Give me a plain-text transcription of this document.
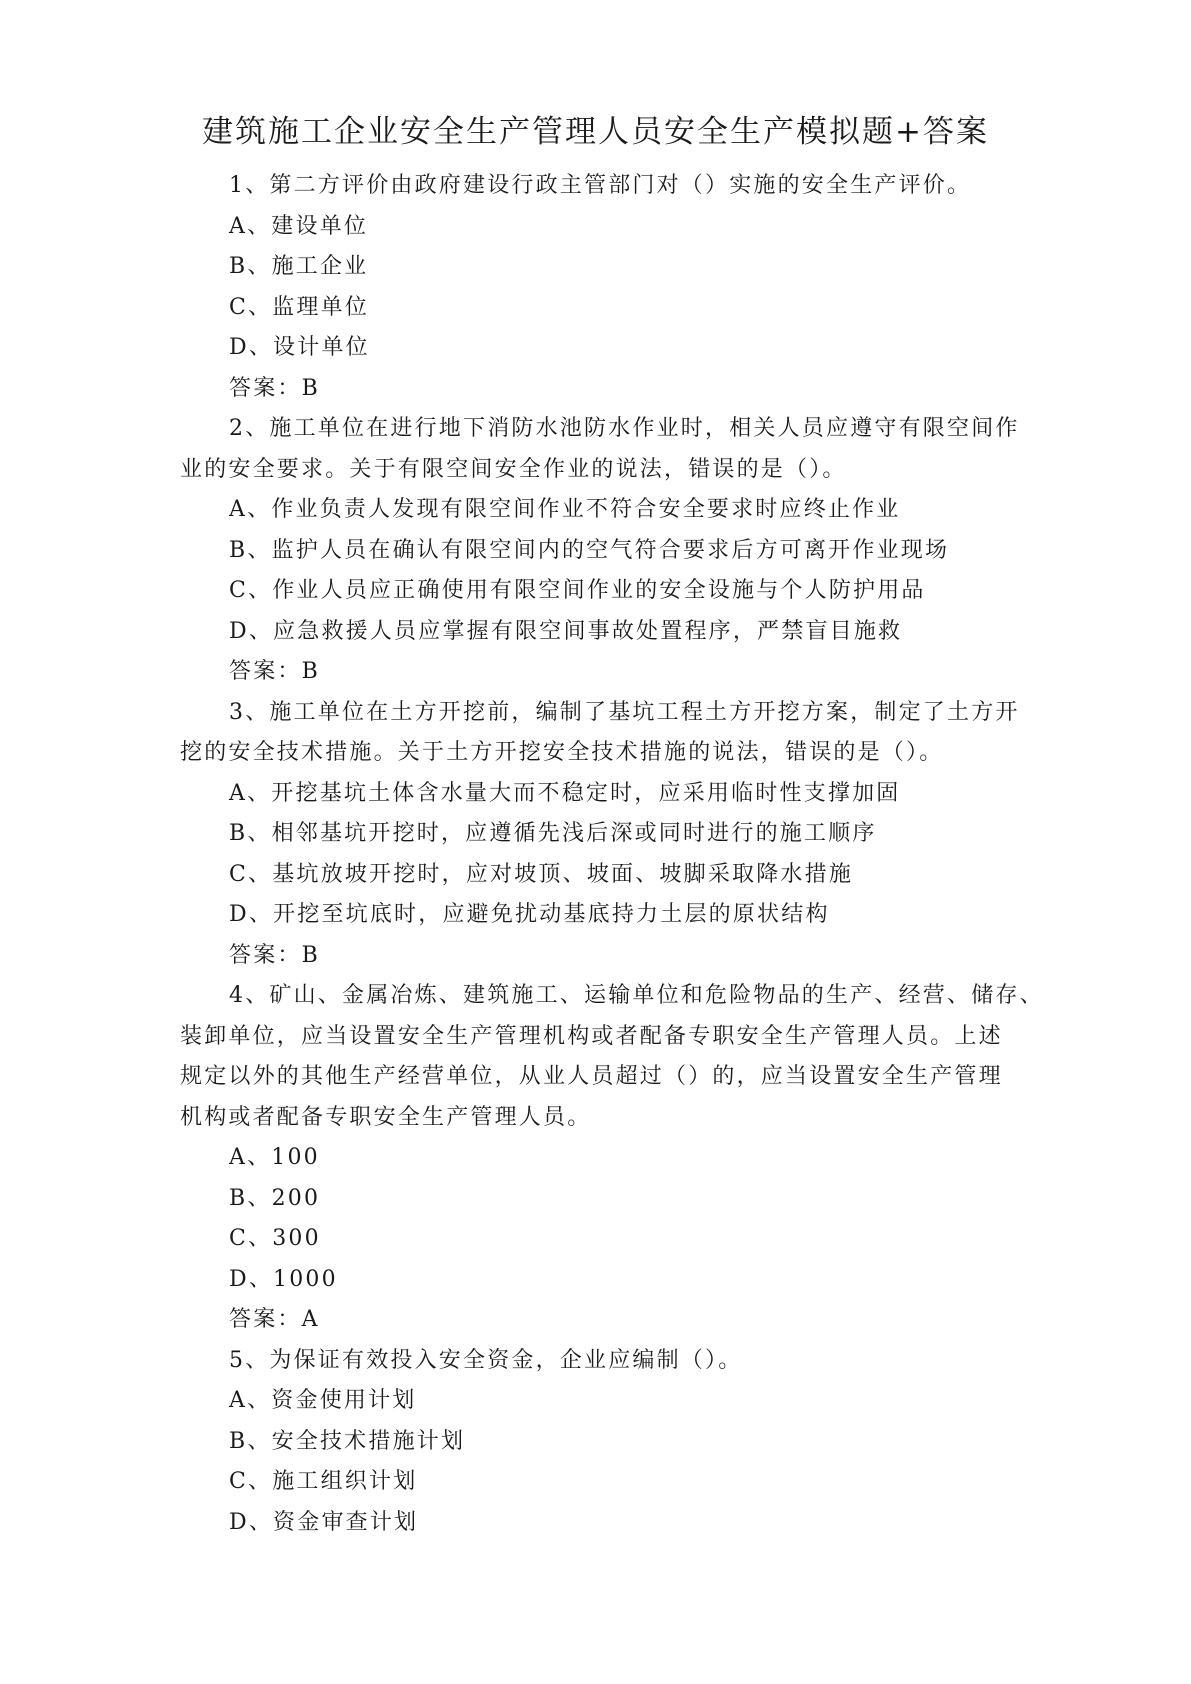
建筑施工企业安全生产管理人员安全生产模拟题+答案
1、第二方评价由政府建设行政主管部门对（）实施的安全生产评价。
A、建设单位
B、施工企业
C、监理单位
D、设计单位
答案：B
2、施工单位在进行地下消防水池防水作业时，相关人员应遵守有限空间作
业的安全要求。关于有限空间安全作业的说法，错误的是（）。
A、作业负责人发现有限空间作业不符合安全要求时应终止作业
B、监护人员在确认有限空间内的空气符合要求后方可离开作业现场
C、作业人员应正确使用有限空间作业的安全设施与个人防护用品
D、应急救援人员应掌握有限空间事故处置程序，严禁盲目施救
答案：B
3、施工单位在土方开挖前，编制了基坑工程土方开挖方案，制定了土方开
挖的安全技术措施。关于土方开挖安全技术措施的说法，错误的是（）。
A、开挖基坑土体含水量大而不稳定时，应采用临时性支撑加固
B、相邻基坑开挖时，应遵循先浅后深或同时进行的施工顺序
C、基坑放坡开挖时，应对坡顶、坡面、坡脚采取降水措施
D、开挖至坑底时，应避免扰动基底持力土层的原状结构
答案：B
4、矿山、金属冶炼、建筑施工、运输单位和危险物品的生产、经营、储存、
装卸单位，应当设置安全生产管理机构或者配备专职安全生产管理人员。上述
规定以外的其他生产经营单位，从业人员超过（）的，应当设置安全生产管理
机构或者配备专职安全生产管理人员。
A、100
B、200
C、300
D、1000
答案：A
5、为保证有效投入安全资金，企业应编制（）。
A、资金使用计划
B、安全技术措施计划
C、施工组织计划
D、资金审查计划
